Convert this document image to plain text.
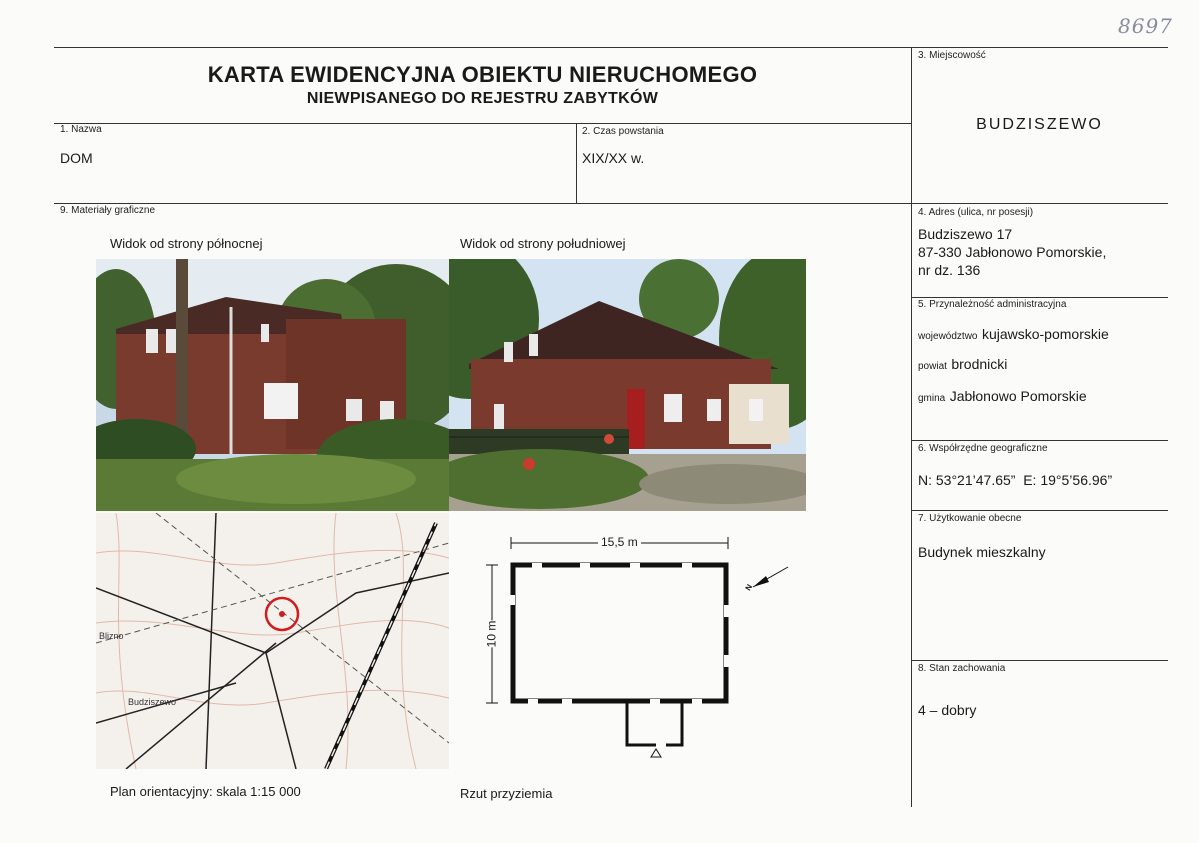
8697
KARTA EWIDENCYJNA OBIEKTU NIERUCHOMEGO
NIEWPISANEGO DO REJESTRU ZABYTKÓW
1. Nazwa
DOM
2. Czas powstania
XIX/XX w.
3. Miejscowość
BUDZISZEWO
4. Adres (ulica, nr posesji)
Budziszewo 17
87-330 Jabłonowo Pomorskie,
nr dz. 136
5. Przynależność administracyjna
województwo kujawsko-pomorskie
powiat brodnicki
gmina Jabłonowo Pomorskie
6. Współrzędne geograficzne
N: 53°21’47.65”  E: 19°5’56.96”
7. Użytkowanie obecne
Budynek mieszkalny
8. Stan zachowania
4 – dobry
9. Materiały graficzne
Widok od strony północnej	Widok od strony południowej
Blizno
Budziszewo
15,5 m
10 m
N
Plan orientacyjny: skala 1:15 000	Rzut przyziemia
